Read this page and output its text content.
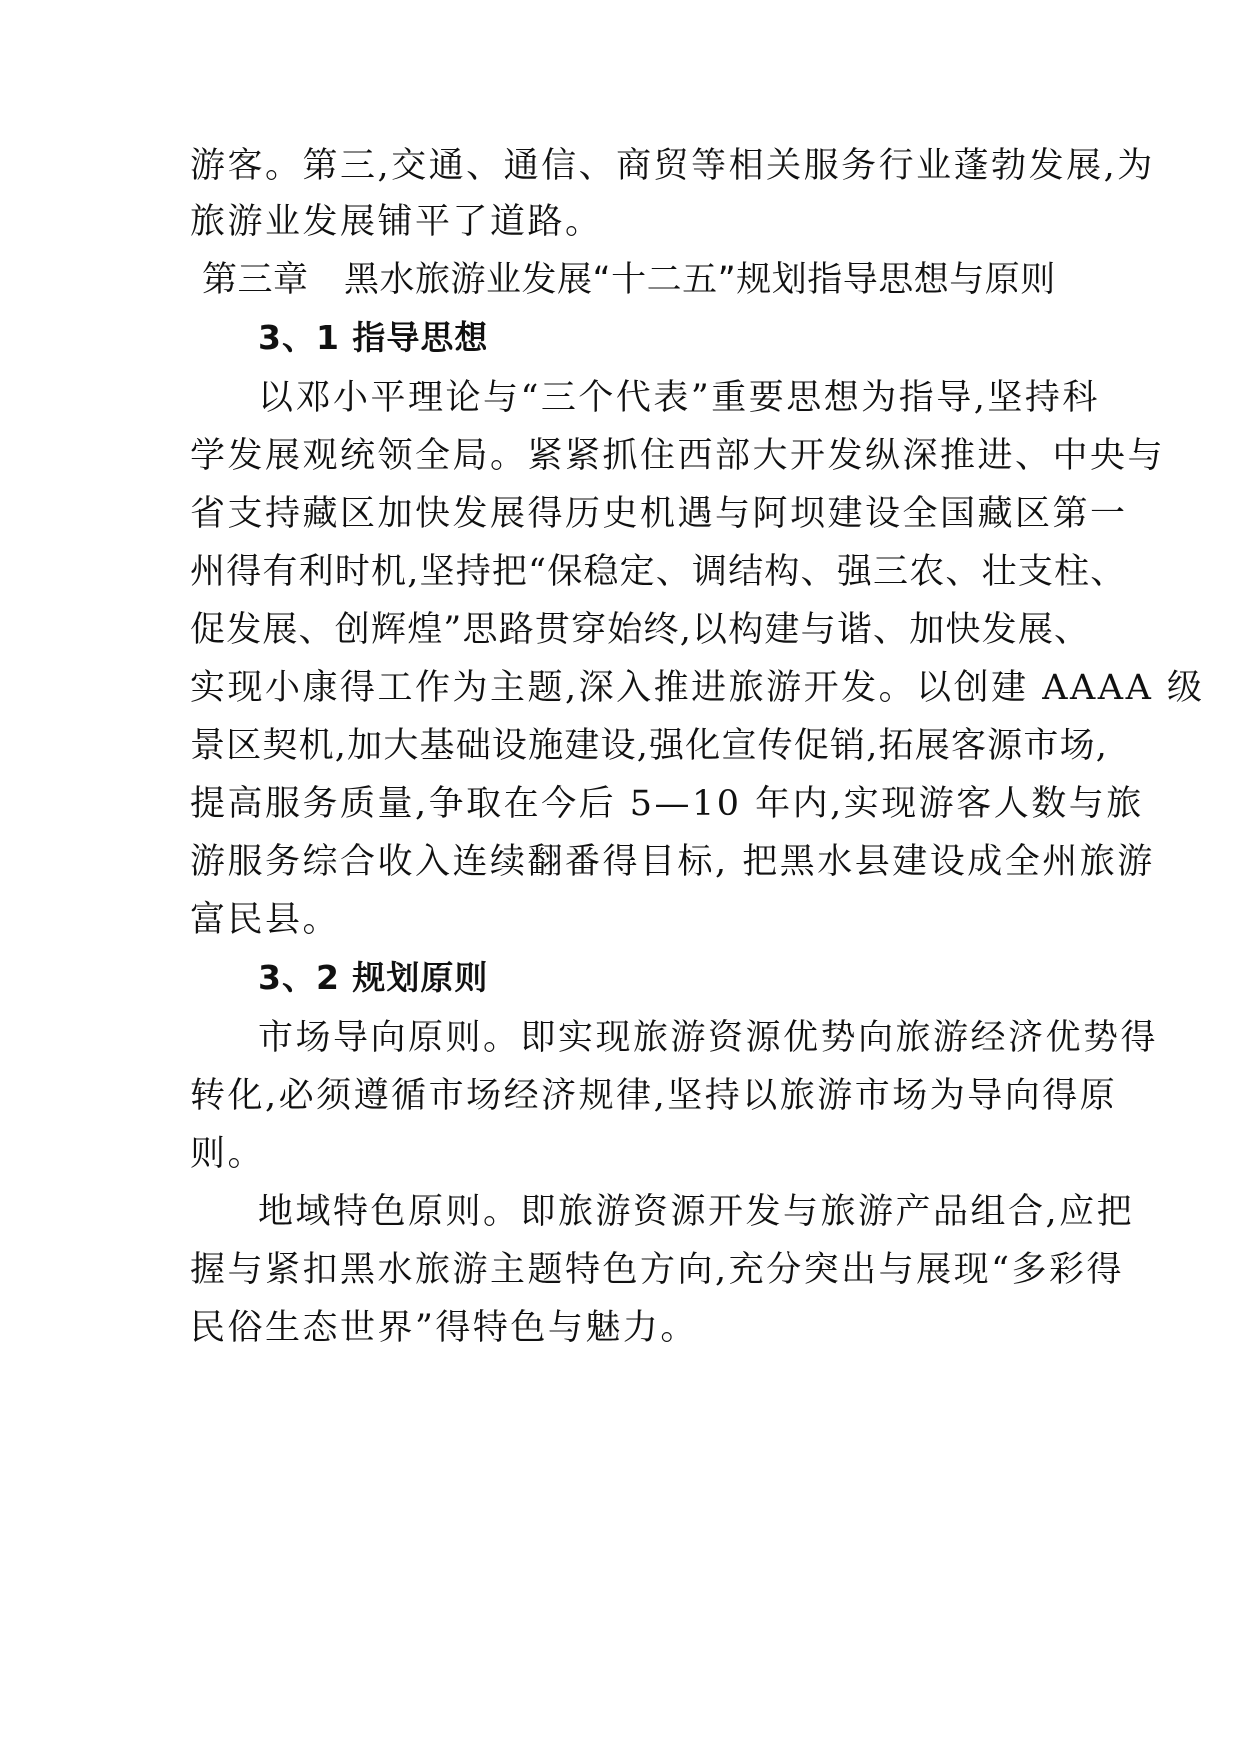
游客。第三,交通、通信、商贸等相关服务行业蓬勃发展,为
旅游业发展铺平了道路。
第三章　黑水旅游业发展“十二五”规划指导思想与原则
3、1 指导思想
以邓小平理论与“三个代表”重要思想为指导,坚持科
学发展观统领全局。紧紧抓住西部大开发纵深推进、中央与
省支持藏区加快发展得历史机遇与阿坝建设全国藏区第一
州得有利时机,坚持把“保稳定、调结构、强三农、壮支柱、
促发展、创辉煌”思路贯穿始终,以构建与谐、加快发展、
实现小康得工作为主题,深入推进旅游开发。以创建 AAAA 级
景区契机,加大基础设施建设,强化宣传促销,拓展客源市场,
提高服务质量,争取在今后 5—10 年内,实现游客人数与旅
游服务综合收入连续翻番得目标, 把黑水县建设成全州旅游
富民县。
3、2 规划原则
市场导向原则。即实现旅游资源优势向旅游经济优势得
转化,必须遵循市场经济规律,坚持以旅游市场为导向得原
则。
地域特色原则。即旅游资源开发与旅游产品组合,应把
握与紧扣黑水旅游主题特色方向,充分突出与展现“多彩得
民俗生态世界”得特色与魅力。
